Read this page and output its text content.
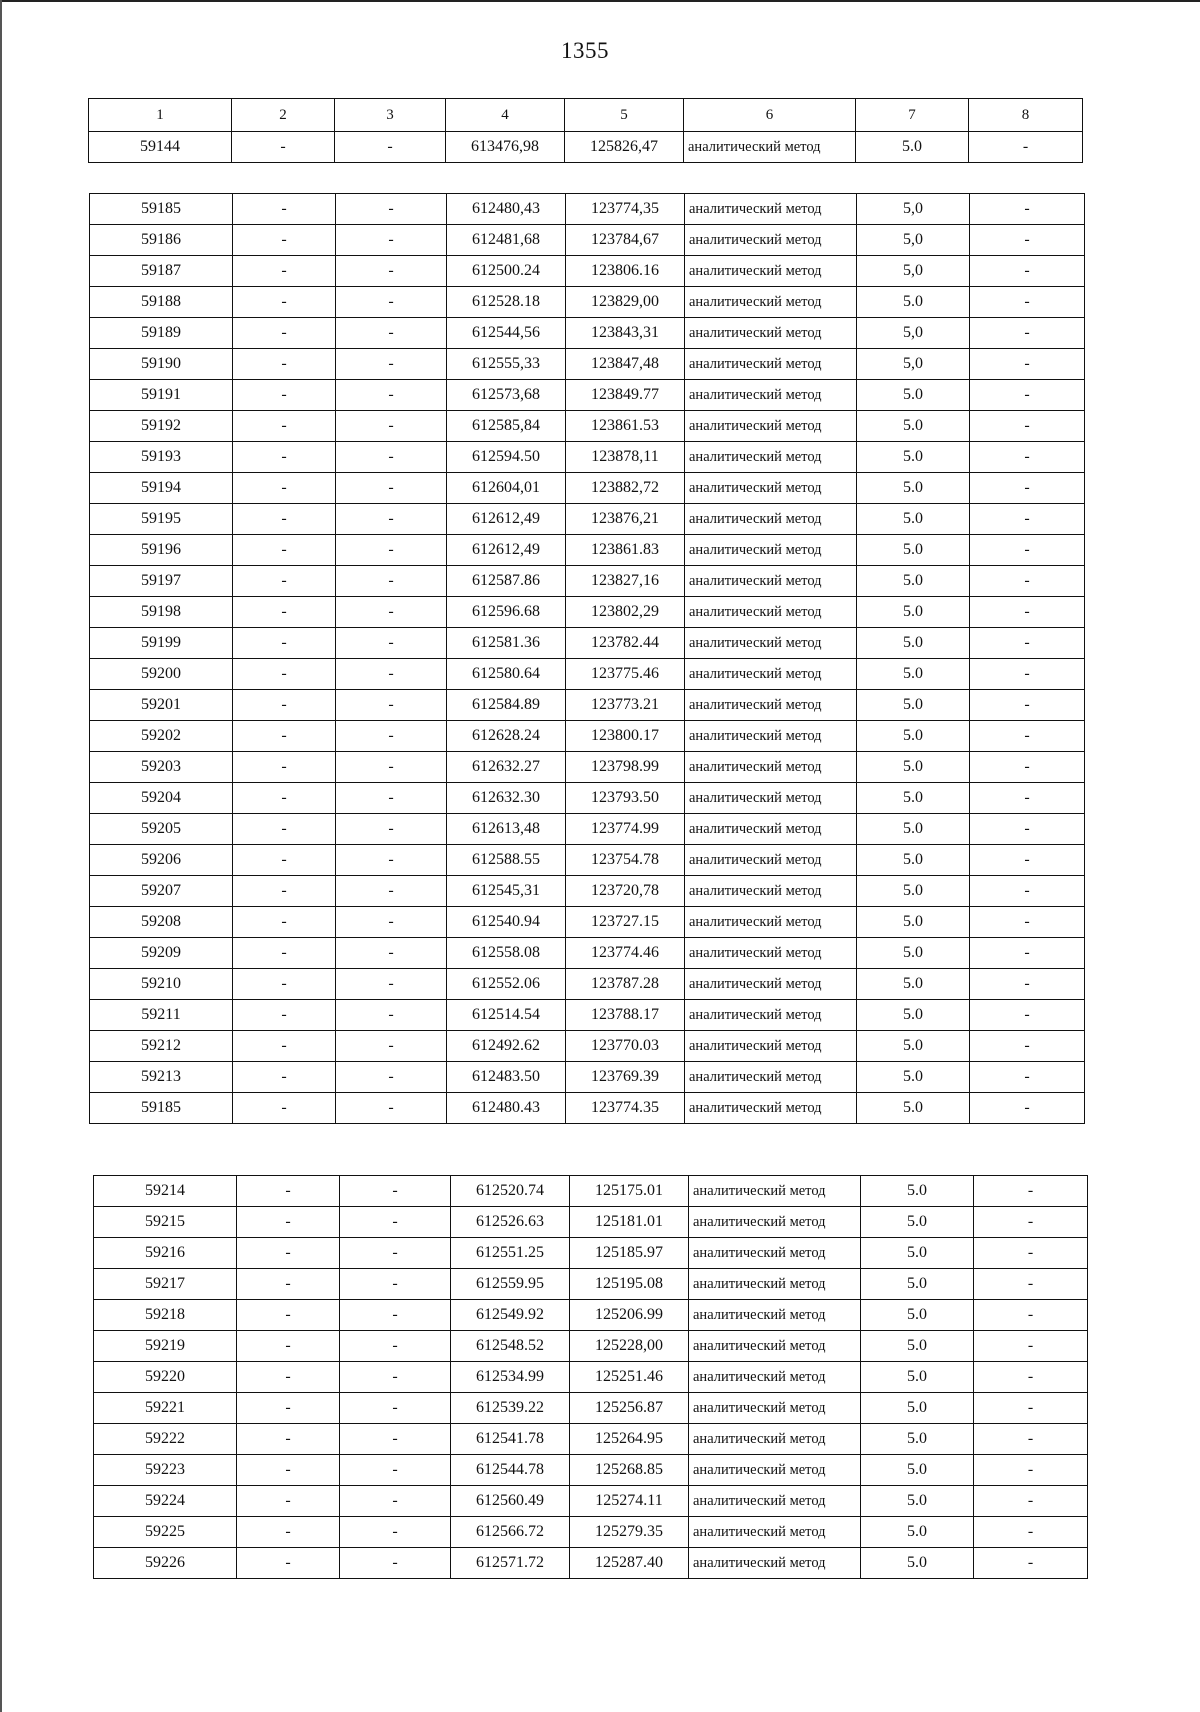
1355
1	2	3	4	5	6	7	8
59144	-	-	613476,98	125826,47	аналитический метод	5.0	-
59185	-	-	612480,43	123774,35	аналитический метод	5,0	-
59186	-	-	612481,68	123784,67	аналитический метод	5,0	-
59187	-	-	612500.24	123806.16	аналитический метод	5,0	-
59188	-	-	612528.18	123829,00	аналитический метод	5.0	-
59189	-	-	612544,56	123843,31	аналитический метод	5,0	-
59190	-	-	612555,33	123847,48	аналитический метод	5,0	-
59191	-	-	612573,68	123849.77	аналитический метод	5.0	-
59192	-	-	612585,84	123861.53	аналитический метод	5.0	-
59193	-	-	612594.50	123878,11	аналитический метод	5.0	-
59194	-	-	612604,01	123882,72	аналитический метод	5.0	-
59195	-	-	612612,49	123876,21	аналитический метод	5.0	-
59196	-	-	612612,49	123861.83	аналитический метод	5.0	-
59197	-	-	612587.86	123827,16	аналитический метод	5.0	-
59198	-	-	612596.68	123802,29	аналитический метод	5.0	-
59199	-	-	612581.36	123782.44	аналитический метод	5.0	-
59200	-	-	612580.64	123775.46	аналитический метод	5.0	-
59201	-	-	612584.89	123773.21	аналитический метод	5.0	-
59202	-	-	612628.24	123800.17	аналитический метод	5.0	-
59203	-	-	612632.27	123798.99	аналитический метод	5.0	-
59204	-	-	612632.30	123793.50	аналитический метод	5.0	-
59205	-	-	612613,48	123774.99	аналитический метод	5.0	-
59206	-	-	612588.55	123754.78	аналитический метод	5.0	-
59207	-	-	612545,31	123720,78	аналитический метод	5.0	-
59208	-	-	612540.94	123727.15	аналитический метод	5.0	-
59209	-	-	612558.08	123774.46	аналитический метод	5.0	-
59210	-	-	612552.06	123787.28	аналитический метод	5.0	-
59211	-	-	612514.54	123788.17	аналитический метод	5.0	-
59212	-	-	612492.62	123770.03	аналитический метод	5.0	-
59213	-	-	612483.50	123769.39	аналитический метод	5.0	-
59185	-	-	612480.43	123774.35	аналитический метод	5.0	-
59214	-	-	612520.74	125175.01	аналитический метод	5.0	-
59215	-	-	612526.63	125181.01	аналитический метод	5.0	-
59216	-	-	612551.25	125185.97	аналитический метод	5.0	-
59217	-	-	612559.95	125195.08	аналитический метод	5.0	-
59218	-	-	612549.92	125206.99	аналитический метод	5.0	-
59219	-	-	612548.52	125228,00	аналитический метод	5.0	-
59220	-	-	612534.99	125251.46	аналитический метод	5.0	-
59221	-	-	612539.22	125256.87	аналитический метод	5.0	-
59222	-	-	612541.78	125264.95	аналитический метод	5.0	-
59223	-	-	612544.78	125268.85	аналитический метод	5.0	-
59224	-	-	612560.49	125274.11	аналитический метод	5.0	-
59225	-	-	612566.72	125279.35	аналитический метод	5.0	-
59226	-	-	612571.72	125287.40	аналитический метод	5.0	-
